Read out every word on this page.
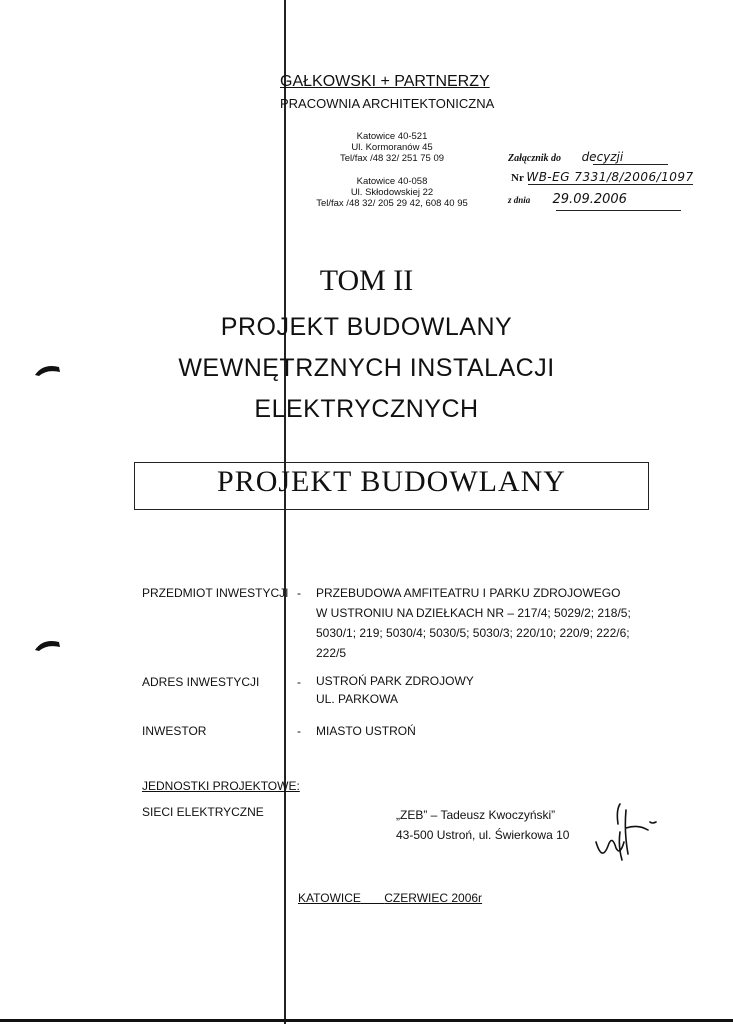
GAŁKOWSKI + PARTNERZY
PRACOWNIA ARCHITEKTONICZNA
Katowice 40-521
Ul. Kormoranów 45
Tel/fax /48 32/ 251 75 09
Katowice 40-058
Ul. Skłodowskiej 22
Tel/fax /48 32/ 205 29 42, 608 40 95
Załącznik do decyzji
Nr WB-EG 7331/8/2006/1097
z dnia 29.09.2006
TOM II
PROJEKT BUDOWLANY
WEWNĘTRZNYCH INSTALACJI
ELEKTRYCZNYCH
PROJEKT BUDOWLANY
PRZEDMIOT INWESTYCJI - PRZEBUDOWA AMFITEATRU I PARKU ZDROJOWEGO
W USTRONIU NA DZIEŁKACH NR – 217/4; 5029/2; 218/5;
5030/1; 219; 5030/4; 5030/5; 5030/3; 220/10; 220/9; 222/6;
222/5
ADRES INWESTYCJI	- USTROŃ PARK ZDROJOWY
UL. PARKOWA
INWESTOR	- MIASTO USTROŃ
JEDNOSTKI PROJEKTOWE:
SIECI ELEKTRYCZNE	„ZEB” – Tadeusz Kwoczyński”
43-500 Ustroń, ul. Świerkowa 10
KATOWICE CZERWIEC 2006r
